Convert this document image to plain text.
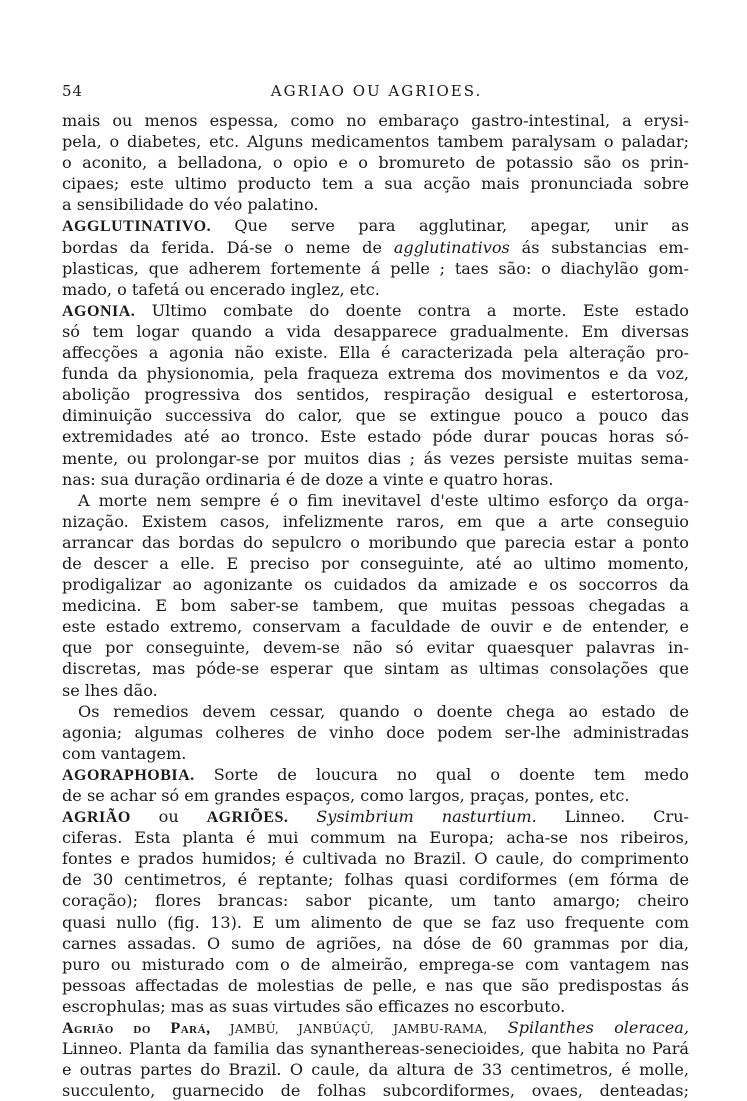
54	AGRIAO OU AGRIOES.
mais ou menos espessa, como no embaraço gastro-intestinal, a erysi-
pela, o diabetes, etc. Alguns medicamentos tambem paralysam o paladar;
o aconito, a belladona, o opio e o bromureto de potassio são os prin-
cipaes; este ultimo producto tem a sua acção mais pronunciada sobre
a sensibilidade do véo palatino.
AGGLUTINATIVO. Que serve para agglutinar, apegar, unir as
bordas da ferida. Dá-se o neme de agglutinativos ás substancias em-
plasticas, que adherem fortemente á pelle ; taes são: o diachylão gom-
mado, o tafetá ou encerado inglez, etc.
AGONIA. Ultimo combate do doente contra a morte. Este estado
só tem logar quando a vida desapparece gradualmente. Em diversas
affecções a agonia não existe. Ella é caracterizada pela alteração pro-
funda da physionomia, pela fraqueza extrema dos movimentos e da voz,
abolição progressiva dos sentidos, respiração desigual e estertorosa,
diminuição successiva do calor, que se extingue pouco a pouco das
extremidades até ao tronco. Este estado póde durar poucas horas só-
mente, ou prolongar-se por muitos dias ; ás vezes persiste muitas sema-
nas: sua duração ordinaria é de doze a vinte e quatro horas.
A morte nem sempre é o fim inevitavel d'este ultimo esforço da orga-
nização. Existem casos, infelizmente raros, em que a arte conseguio
arrancar das bordas do sepulcro o moribundo que parecia estar a ponto
de descer a elle. E preciso por conseguinte, até ao ultimo momento,
prodigalizar ao agonizante os cuidados da amizade e os soccorros da
medicina. E bom saber-se tambem, que muitas pessoas chegadas a
este estado extremo, conservam a faculdade de ouvir e de entender, e
que por conseguinte, devem-se não só evitar quaesquer palavras in-
discretas, mas póde-se esperar que sintam as ultimas consolações que
se lhes dão.
Os remedios devem cessar, quando o doente chega ao estado de
agonia; algumas colheres de vinho doce podem ser-lhe administradas
com vantagem.
AGORAPHOBIA. Sorte de loucura no qual o doente tem medo
de se achar só em grandes espaços, como largos, praças, pontes, etc.
AGRIÃO ou AGRIÕES. Sysimbrium nasturtium. Linneo. Cru-
ciferas. Esta planta é mui commum na Europa; acha-se nos ribeiros,
fontes e prados humidos; é cultivada no Brazil. O caule, do comprimento
de 30 centimetros, é reptante; folhas quasi cordiformes (em fórma de
coração); flores brancas: sabor picante, um tanto amargo; cheiro
quasi nullo (fig. 13). E um alimento de que se faz uso frequente com
carnes assadas. O sumo de agriões, na dóse de 60 grammas por dia,
puro ou misturado com o de almeirão, emprega-se com vantagem nas
pessoas affectadas de molestias de pelle, e nas que são predispostas ás
escrophulas; mas as suas virtudes são efficazes no escorbuto.
Agrião do Pará, JAMBÚ, JANBÚAÇÚ, JAMBU-RAMA, Spilanthes oleracea,
Linneo. Planta da familia das synanthereas-senecioides, que habita no Pará
e outras partes do Brazil. O caule, da altura de 33 centimetros, é molle,
succulento, guarnecido de folhas subcordiformes, ovaes, denteadas;
